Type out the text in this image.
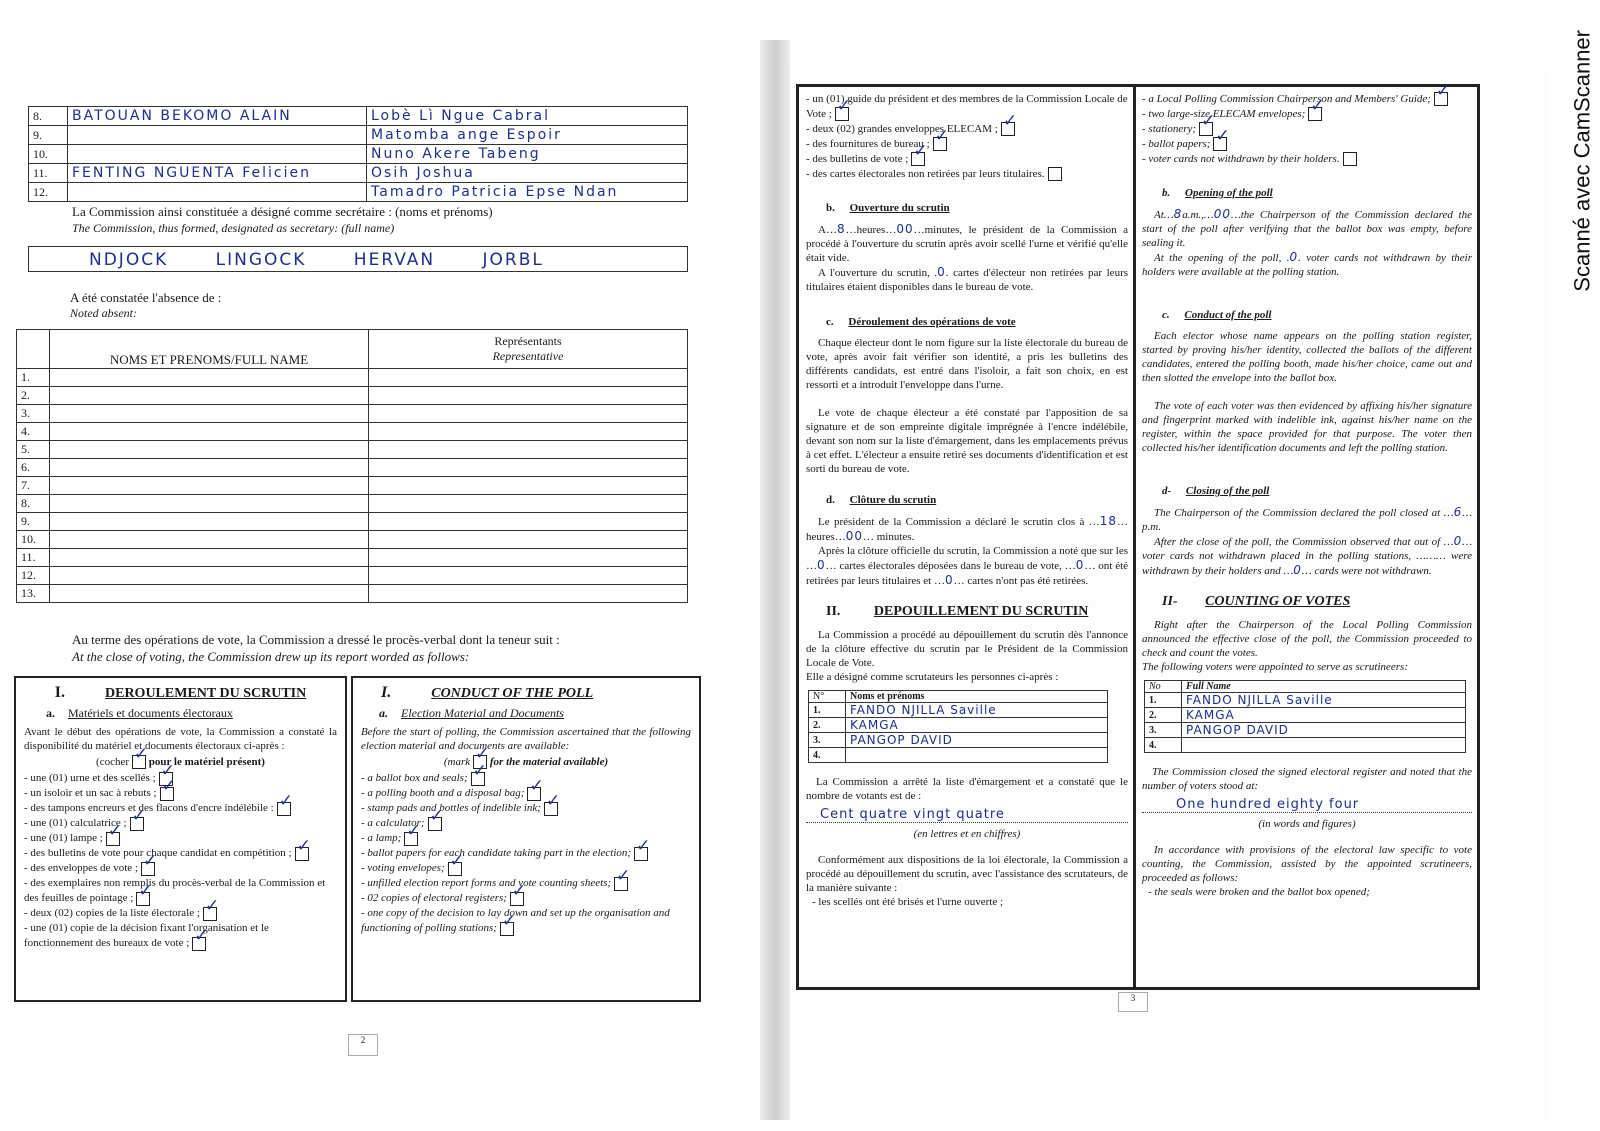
8.	BATOUAN BEKOMO ALAIN	Lobè Lì Ngue Cabral
9.		Matomba ange Espoir
10.		Nuno Akere Tabeng
11.	FENTING NGUENTA Felicien	Osih Joshua
12.		Tamadro Patricia Epse Ndan
La Commission ainsi constituée a désigné comme secrétaire : (noms et prénoms)
The Commission, thus formed, designated as secretary: (full name)
NDJOCK LINGOCK HERVAN JORBL
A été constatée l'absence de :
Noted absent:
	NOMS ET PRENOMS/FULL NAME	Représentants
Representative

1.		
2.		
3.		
4.		
5.		
6.		
7.		
8.		
9.		
10.		
11.		
12.		
13.		
Au terme des opérations de vote, la Commission a dressé le procès-verbal dont la teneur suit :
At the close of voting, the Commission drew up its report worded as follows:
I.	DEROULEMENT DU SCRUTIN
a. Matériels et documents électoraux

Avant le début des opérations de vote, la Commission a constaté la disponibilité du matériel et documents électoraux ci-après :

(cocher ✓ pour le matériel présent)
- une (01) urne et des scellés ;✓
- un isoloir et un sac à rebuts ;✓
- des tampons encreurs et des flacons d'encre indélébile :✓
- une (01) calculatrice ;✓
- une (01) lampe ;✓
- des bulletins de vote pour chaque candidat en compétition ;✓
- des enveloppes de vote ;✓
- des exemplaires non remplis du procès-verbal de la Commission et des feuilles de pointage ;✓
- deux (02) copies de la liste électorale ;✓
- une (01) copie de la décision fixant l'organisation et le fonctionnement des bureaux de vote ;✓
I.	CONDUCT OF THE POLL
a. Election Material and Documents

Before the start of polling, the Commission ascertained that the following election material and documents are available:

(mark ✓ for the material available)
- a ballot box and seals;✓
- a polling booth and a disposal bag;✓
- stamp pads and bottles of indelible ink;✓
- a calculator;✓
- a lamp;✓
- ballot papers for each candidate taking part in the election;✓
- voting envelopes;✓
- unfilled election report forms and vote counting sheets;✓
- 02 copies of electoral registers;✓
- one copy of the decision to lay down and set up the organisation and functioning of polling stations;✓
2
- un (01) guide du président et des membres de la Commission Locale de Vote ;✓
- deux (02) grandes enveloppes ELECAM ;✓
- des fournitures de bureau ;✓
- des bulletins de vote ;✓
- des cartes électorales non retirées par leurs titulaires.
b. Ouverture du scrutin

A…8…heures…00…minutes, le président de la Commission a procédé à l'ouverture du scrutin après avoir scellé l'urne et vérifié qu'elle était vide.

A l'ouverture du scrutin, .0. cartes d'électeur non retirées par leurs titulaires étaient disponibles dans le bureau de vote.

c. Déroulement des opérations de vote

Chaque électeur dont le nom figure sur la liste électorale du bureau de vote, après avoir fait vérifier son identité, a pris les bulletins des différents candidats, est entré dans l'isoloir, a fait son choix, en est ressorti et a introduit l'enveloppe dans l'urne.

Le vote de chaque électeur a été constaté par l'apposition de sa signature et de son empreinte digitale imprégnée à l'encre indélébile, devant son nom sur la liste d'émargement, dans les emplacements prévus à cet effet. L'électeur a ensuite retiré ses documents d'identification et est sorti du bureau de vote.

d. Clôture du scrutin

Le président de la Commission a déclaré le scrutin clos à …18…heures…00… minutes.

Après la clôture officielle du scrutin, la Commission a noté que sur les …0… cartes électorales déposées dans le bureau de vote, …0… ont été retirées par leurs titulaires et …0… cartes n'ont pas été retirées.

II. DEPOUILLEMENT DU SCRUTIN

La Commission a procédé au dépouillement du scrutin dès l'annonce de la clôture effective du scrutin par le Président de la Commission Locale de Vote.

Elle a désigné comme scrutateurs les personnes ci-après :

N°	Noms et prénoms
1.	FANDO NJILLA Saville
2.	KAMGA
3.	PANGOP DAVID
4.	

La Commission a arrêté la liste d'émargement et a constaté que le nombre de votants est de :

Cent quatre vingt quatre
(en lettres et en chiffres)

Conformément aux dispositions de la loi électorale, la Commission a procédé au dépouillement du scrutin, avec l'assistance des scrutateurs, de la manière suivante :

- les scellés ont été brisés et l'urne ouverte ;

- a Local Polling Commission Chairperson and Members' Guide;✓
- two large-size ELECAM envelopes;✓
- stationery;✓
- ballot papers;✓
- voter cards not withdrawn by their holders.
b. Opening of the poll

At…8a.m.,…00…the Chairperson of the Commission declared the start of the poll after verifying that the ballot box was empty, before sealing it.

At the opening of the poll, .0. voter cards not withdrawn by their holders were available at the polling station.

c. Conduct of the poll

Each elector whose name appears on the polling station register, started by proving his/her identity, collected the ballots of the different candidates, entered the polling booth, made his/her choice, came out and then slotted the envelope into the ballot box.

The vote of each voter was then evidenced by affixing his/her signature and fingerprint marked with indelible ink, against his/her name on the register, within the space provided for that purpose. The voter then collected his/her identification documents and left the polling station.

d- Closing of the poll

The Chairperson of the Commission declared the poll closed at …6… p.m.

After the close of the poll, the Commission observed that out of …0… voter cards not withdrawn placed in the polling stations, ……… were withdrawn by their holders and …0… cards were not withdrawn.

II- COUNTING OF VOTES

Right after the Chairperson of the Local Polling Commission announced the effective close of the poll, the Commission proceeded to check and count the votes.

The following voters were appointed to serve as scrutineers:

No	Full Name
1.	FANDO NJILLA Saville
2.	KAMGA
3.	PANGOP DAVID
4.	

The Commission closed the signed electoral register and noted that the number of voters stood at:

One hundred eighty four
(in words and figures)

In accordance with provisions of the electoral law specific to vote counting, the Commission, assisted by the appointed scrutineers, proceeded as follows:

- the seals were broken and the ballot box opened;

3
Scanné avec CamScanner
